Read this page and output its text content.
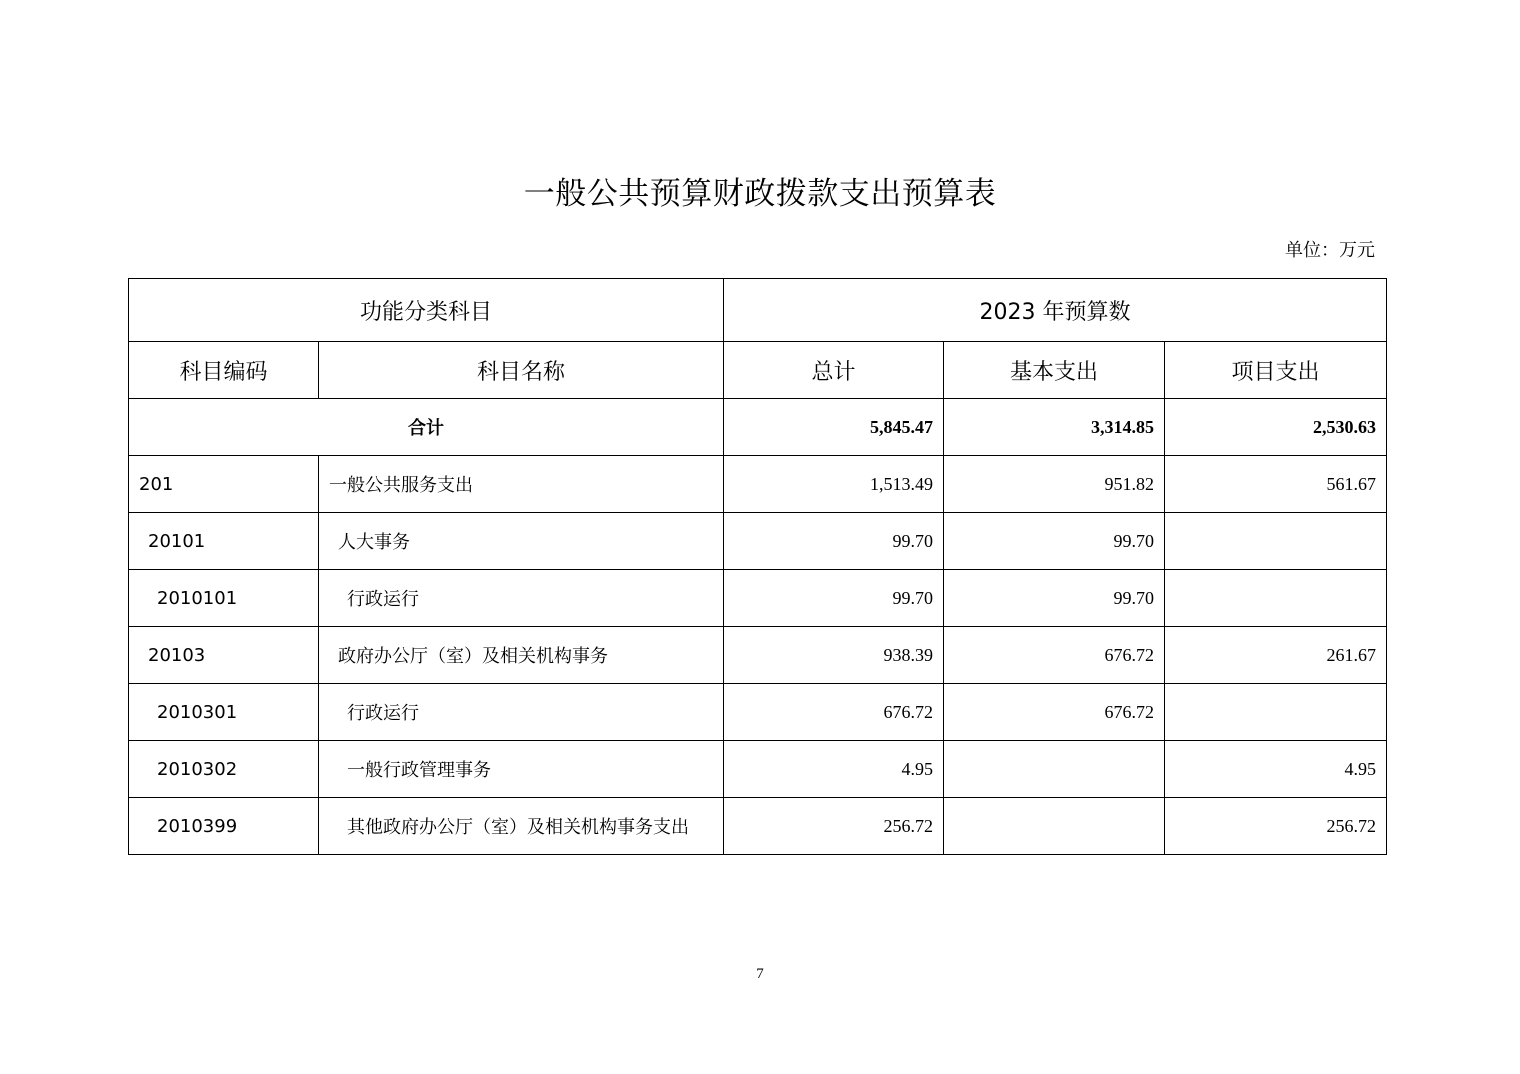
一般公共预算财政拨款支出预算表
单位：万元
功能分类科目		2023 年预算数		
科目编码	科目名称	总计	基本支出	项目支出
合计		5,845.47	3,314.85	2,530.63
201	一般公共服务支出	1,513.49	951.82	561.67
20101	人大事务	99.70	99.70	
2010101	行政运行	99.70	99.70	
20103	政府办公厅（室）及相关机构事务	938.39	676.72	261.67
2010301	行政运行	676.72	676.72	
2010302	一般行政管理事务	4.95		4.95
2010399	其他政府办公厅（室）及相关机构事务支出	256.72		256.72
7
